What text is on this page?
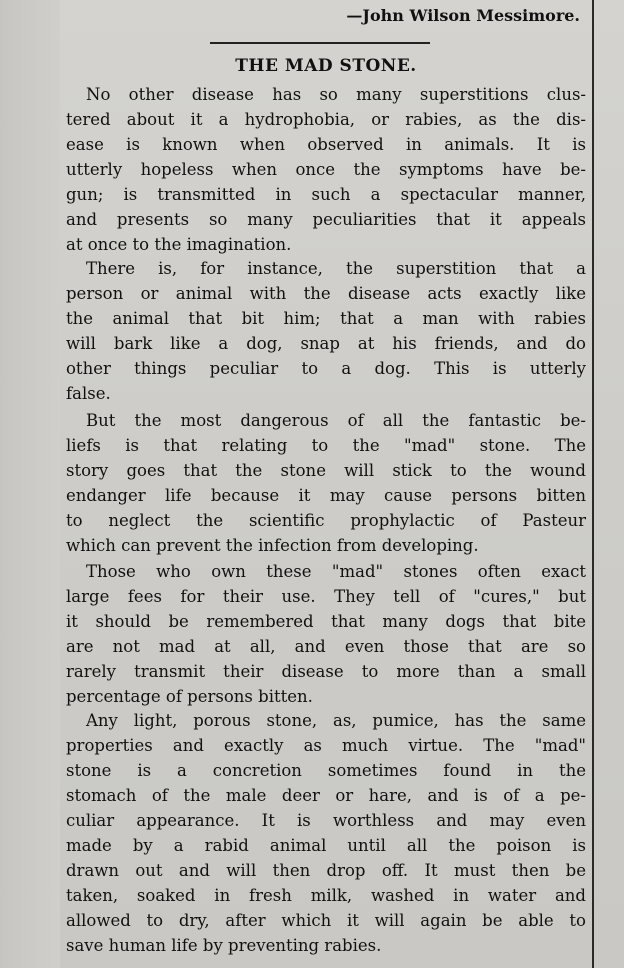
—John Wilson Messimore.
THE MAD STONE.
No other disease has so many superstitions clus-
tered about it a hydrophobia, or rabies, as the dis-
ease is known when observed in animals. It is
utterly hopeless when once the symptoms have be-
gun; is transmitted in such a spectacular manner,
and presents so many peculiarities that it appeals
at once to the imagination.
There is, for instance, the superstition that a
person or animal with the disease acts exactly like
the animal that bit him; that a man with rabies
will bark like a dog, snap at his friends, and do
other things peculiar to a dog. This is utterly
false.
But the most dangerous of all the fantastic be-
liefs is that relating to the "mad" stone. The
story goes that the stone will stick to the wound
endanger life because it may cause persons bitten
to neglect the scientific prophylactic of Pasteur
which can prevent the infection from developing.
Those who own these "mad" stones often exact
large fees for their use. They tell of "cures," but
it should be remembered that many dogs that bite
are not mad at all, and even those that are so
rarely transmit their disease to more than a small
percentage of persons bitten.
Any light, porous stone, as, pumice, has the same
properties and exactly as much virtue. The "mad"
stone is a concretion sometimes found in the
stomach of the male deer or hare, and is of a pe-
culiar appearance. It is worthless and may even
made by a rabid animal until all the poison is
drawn out and will then drop off. It must then be
taken, soaked in fresh milk, washed in water and
allowed to dry, after which it will again be able to
save human life by preventing rabies.
